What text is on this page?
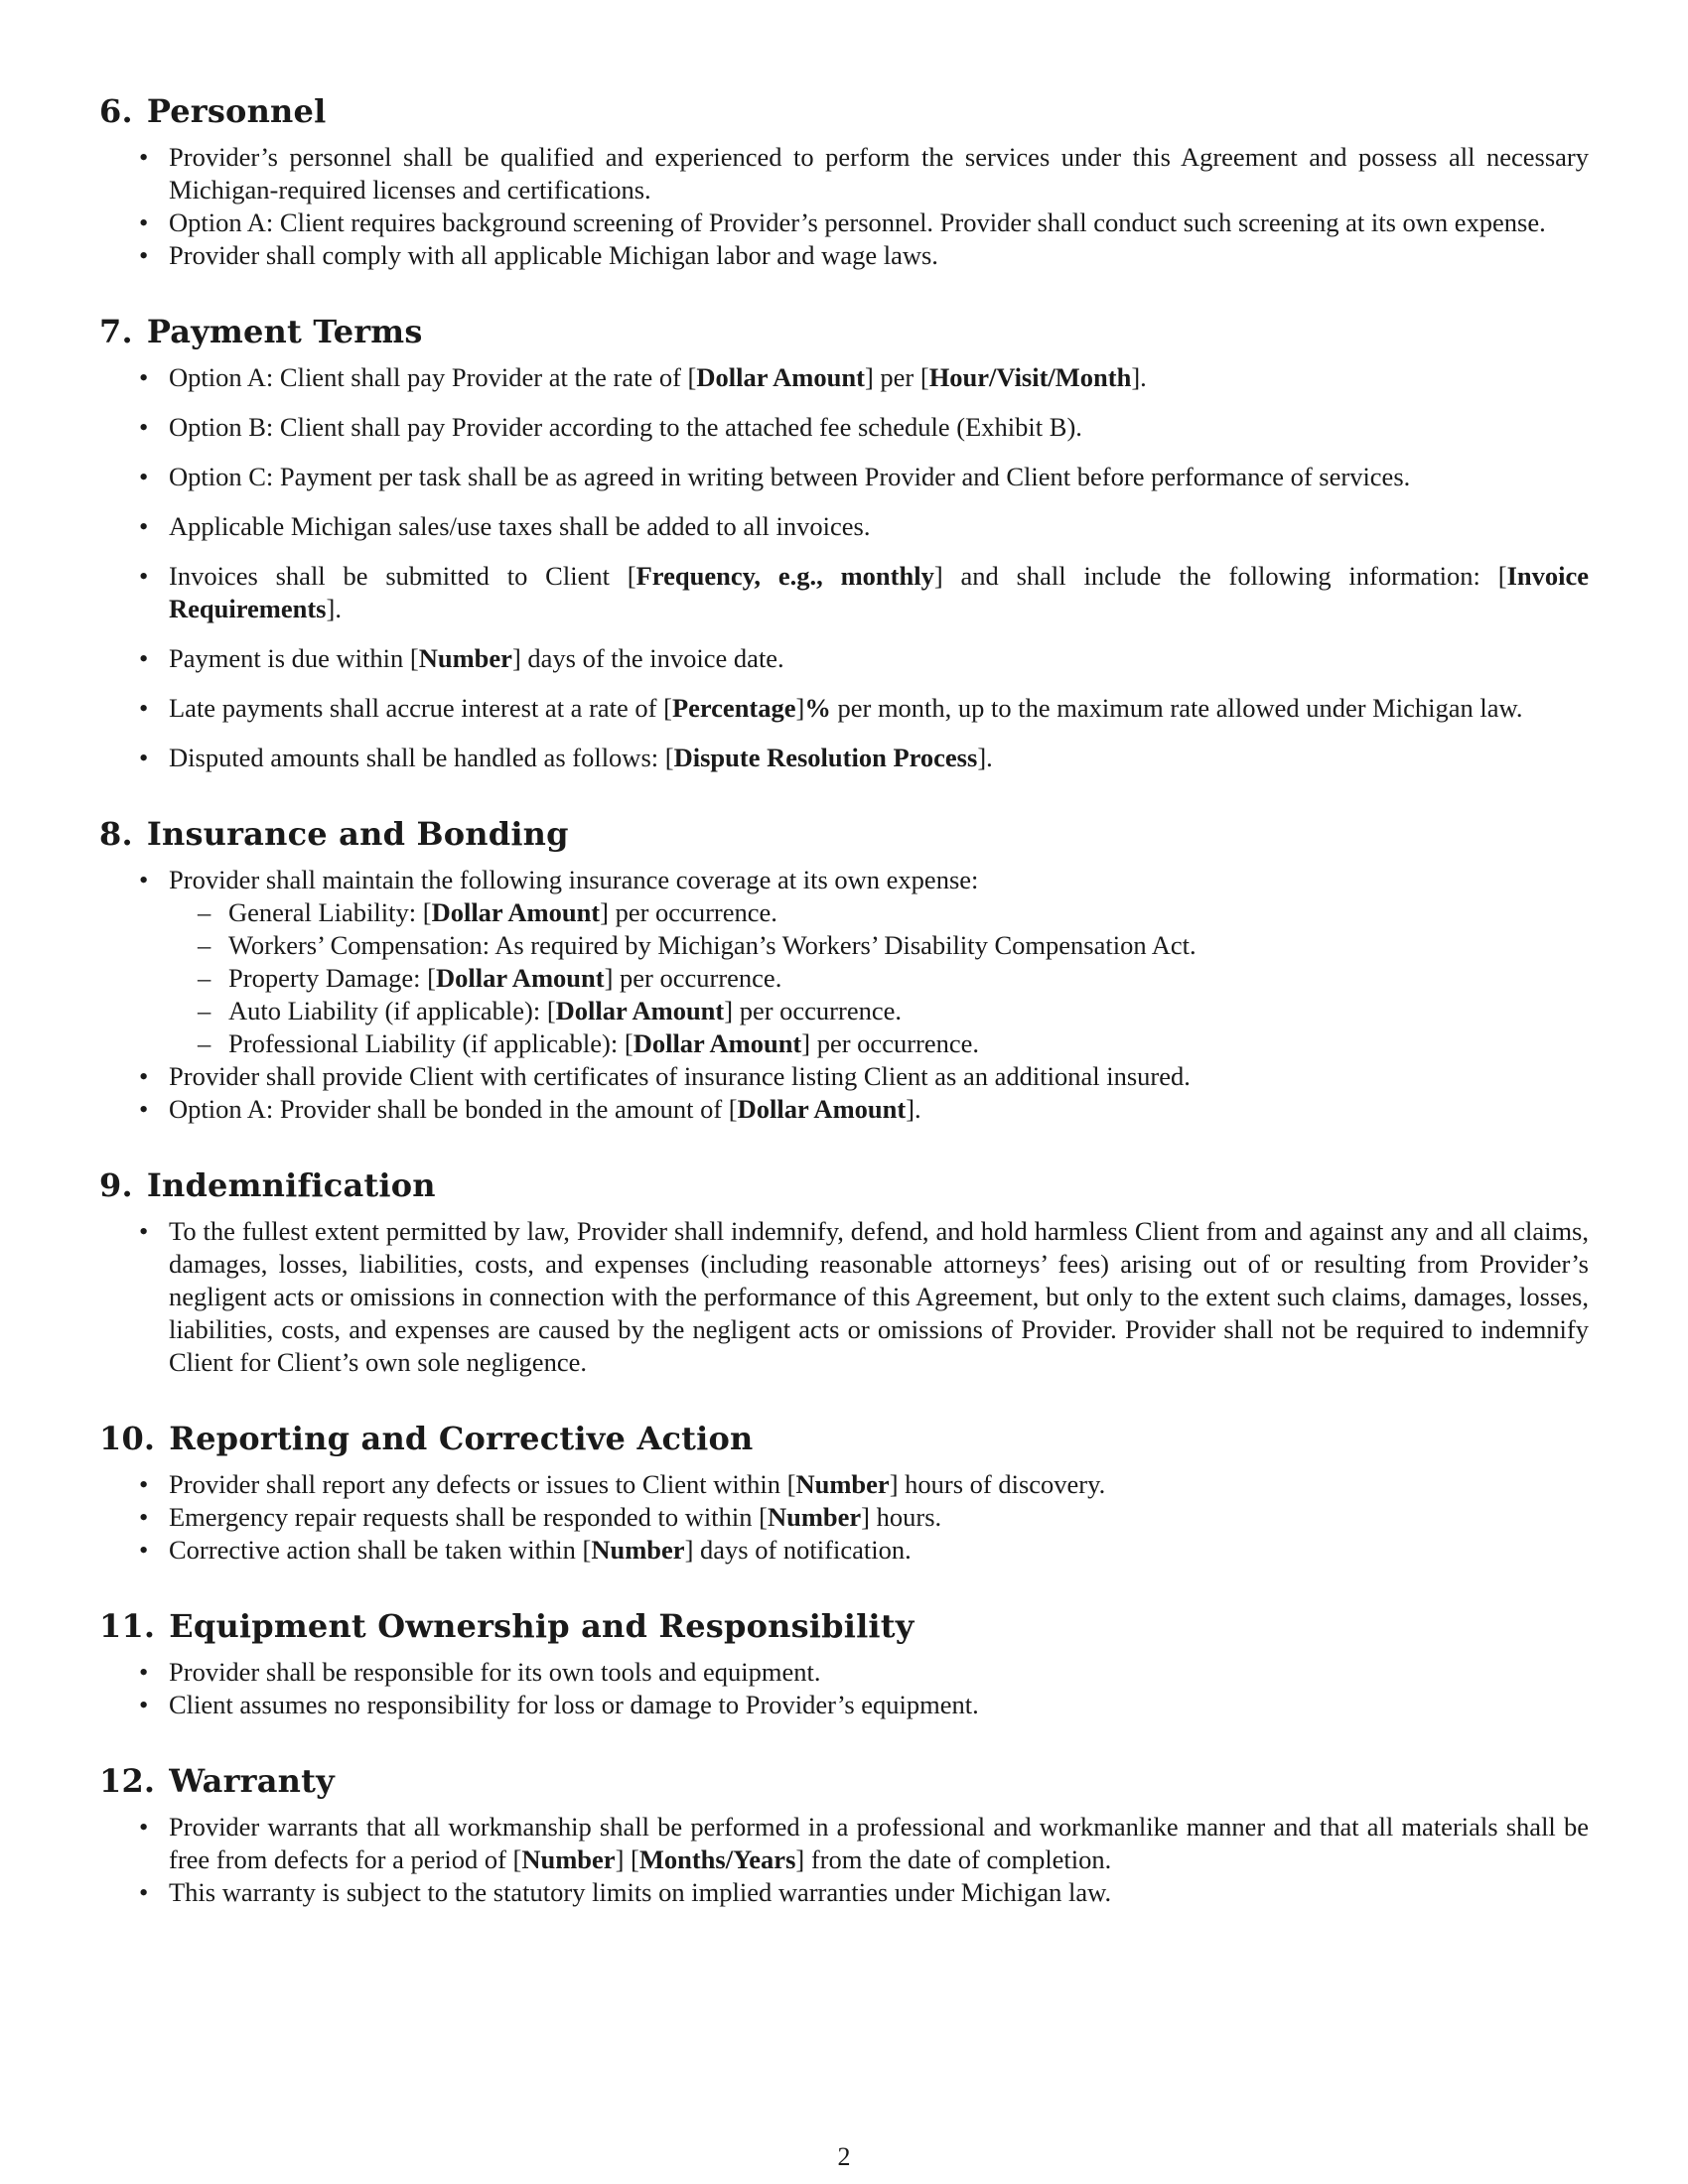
6. Personnel
• Provider’s personnel shall be qualified and experienced to perform the services under this Agreement and possess all necessary Michigan-required licenses and certifications.
• Option A: Client requires background screening of Provider’s personnel. Provider shall conduct such screening at its own expense.
• Provider shall comply with all applicable Michigan labor and wage laws.
7. Payment Terms
• Option A: Client shall pay Provider at the rate of [Dollar Amount] per [Hour/Visit/Month].
• Option B: Client shall pay Provider according to the attached fee schedule (Exhibit B).
• Option C: Payment per task shall be as agreed in writing between Provider and Client before performance of services.
• Applicable Michigan sales/use taxes shall be added to all invoices.
• Invoices shall be submitted to Client [Frequency, e.g., monthly] and shall include the following information: [Invoice Requirements].
• Payment is due within [Number] days of the invoice date.
• Late payments shall accrue interest at a rate of [Percentage]% per month, up to the maximum rate allowed under Michigan law.
• Disputed amounts shall be handled as follows: [Dispute Resolution Process].
8. Insurance and Bonding
• Provider shall maintain the following insurance coverage at its own expense:
– General Liability: [Dollar Amount] per occurrence.
– Workers’ Compensation: As required by Michigan’s Workers’ Disability Compensation Act.
– Property Damage: [Dollar Amount] per occurrence.
– Auto Liability (if applicable): [Dollar Amount] per occurrence.
– Professional Liability (if applicable): [Dollar Amount] per occurrence.
• Provider shall provide Client with certificates of insurance listing Client as an additional insured.
• Option A: Provider shall be bonded in the amount of [Dollar Amount].
9. Indemnification
• To the fullest extent permitted by law, Provider shall indemnify, defend, and hold harmless Client from and against any and all claims, damages, losses, liabilities, costs, and expenses (including reasonable attorneys’ fees) arising out of or resulting from Provider’s negligent acts or omissions in connection with the performance of this Agreement, but only to the extent such claims, damages, losses, liabilities, costs, and expenses are caused by the negligent acts or omissions of Provider. Provider shall not be required to indemnify Client for Client’s own sole negligence.
10. Reporting and Corrective Action
• Provider shall report any defects or issues to Client within [Number] hours of discovery.
• Emergency repair requests shall be responded to within [Number] hours.
• Corrective action shall be taken within [Number] days of notification.
11. Equipment Ownership and Responsibility
• Provider shall be responsible for its own tools and equipment.
• Client assumes no responsibility for loss or damage to Provider’s equipment.
12. Warranty
• Provider warrants that all workmanship shall be performed in a professional and workmanlike manner and that all materials shall be free from defects for a period of [Number] [Months/Years] from the date of completion.
• This warranty is subject to the statutory limits on implied warranties under Michigan law.
2
